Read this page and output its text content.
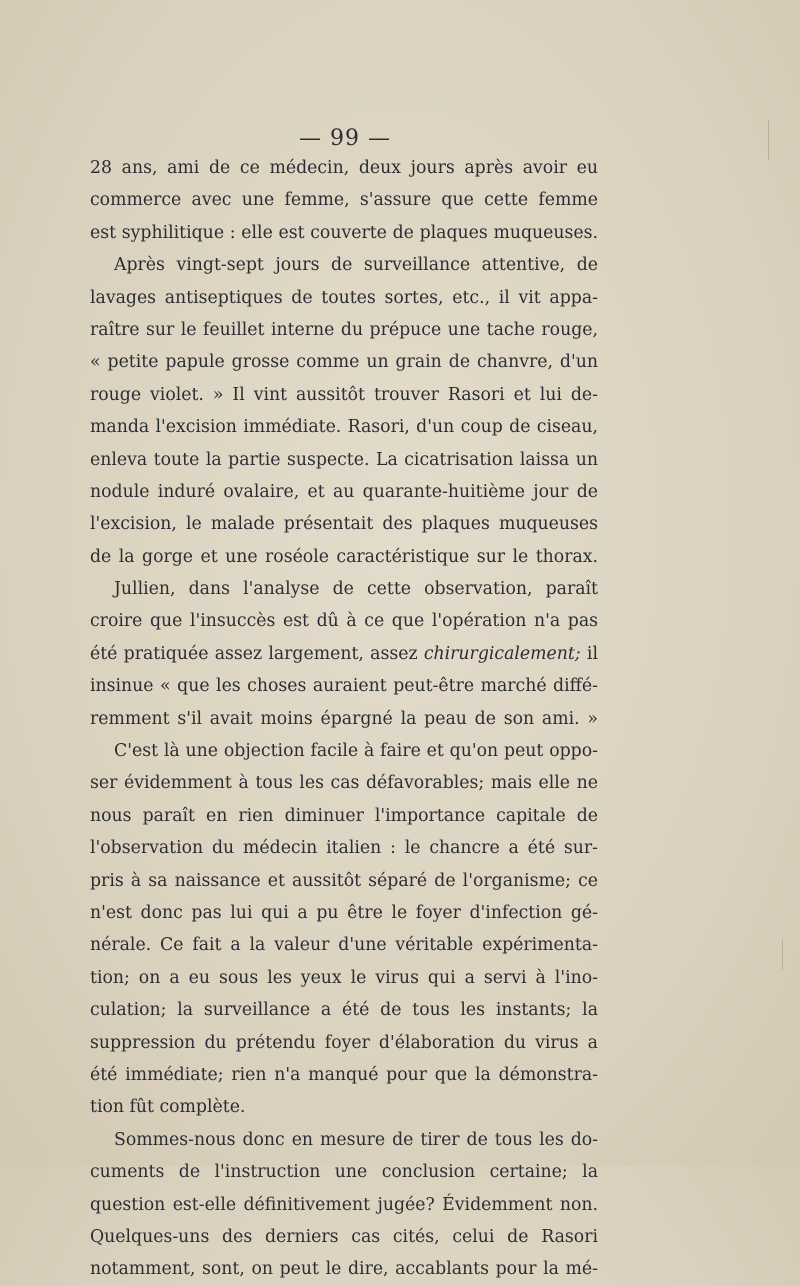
— 99 —
28 ans, ami de ce médecin, deux jours après avoir eu
commerce avec une femme, s'assure que cette femme
est syphilitique : elle est couverte de plaques muqueuses.
Après vingt-sept jours de surveillance attentive, de
lavages antiseptiques de toutes sortes, etc., il vit appa-
raître sur le feuillet interne du prépuce une tache rouge,
« petite papule grosse comme un grain de chanvre, d'un
rouge violet. » Il vint aussitôt trouver Rasori et lui de-
manda l'excision immédiate. Rasori, d'un coup de ciseau,
enleva toute la partie suspecte. La cicatrisation laissa un
nodule induré ovalaire, et au quarante-huitième jour de
l'excision, le malade présentait des plaques muqueuses
de la gorge et une roséole caractéristique sur le thorax.
Jullien, dans l'analyse de cette observation, paraît
croire que l'insuccès est dû à ce que l'opération n'a pas
été pratiquée assez largement, assez chirurgicalement; il
insinue « que les choses auraient peut-être marché diffé-
remment s'il avait moins épargné la peau de son ami. »
C'est là une objection facile à faire et qu'on peut oppo-
ser évidemment à tous les cas défavorables; mais elle ne
nous paraît en rien diminuer l'importance capitale de
l'observation du médecin italien : le chancre a été sur-
pris à sa naissance et aussitôt séparé de l'organisme; ce
n'est donc pas lui qui a pu être le foyer d'infection gé-
nérale. Ce fait a la valeur d'une véritable expérimenta-
tion; on a eu sous les yeux le virus qui a servi à l'ino-
culation; la surveillance a été de tous les instants; la
suppression du prétendu foyer d'élaboration du virus a
été immédiate; rien n'a manqué pour que la démonstra-
tion fût complète.
Sommes-nous donc en mesure de tirer de tous les do-
cuments de l'instruction une conclusion certaine; la
question est-elle définitivement jugée? Évidemment non.
Quelques-uns des derniers cas cités, celui de Rasori
notamment, sont, on peut le dire, accablants pour la mé-
